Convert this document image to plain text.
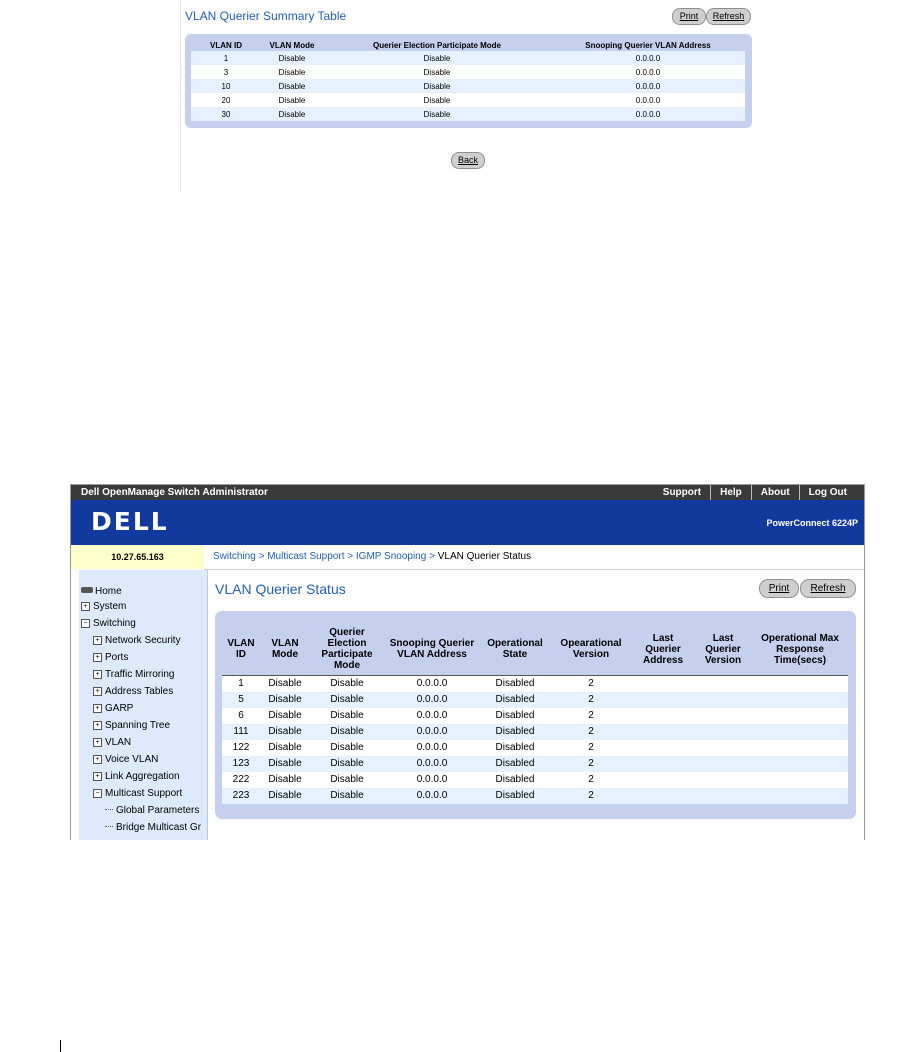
VLAN Querier Summary Table	Print	Refresh
VLAN ID	VLAN Mode	Querier Election Participate Mode	Snooping Querier VLAN Address
1	Disable	Disable	0.0.0.0
3	Disable	Disable	0.0.0.0
10	Disable	Disable	0.0.0.0
20	Disable	Disable	0.0.0.0
30	Disable	Disable	0.0.0.0
Back
Dell OpenManage Switch Administrator	Support	Help	About	Log Out
DELL	PowerConnect 6224P
10.27.65.163	Switching > Multicast Support > IGMP Snooping > VLAN Querier Status
Home
+ System
− Switching
+ Network Security
+ Ports
+ Traffic Mirroring
+ Address Tables
+ GARP
+ Spanning Tree
+ VLAN
+ Voice VLAN
+ Link Aggregation
− Multicast Support
Global Parameters
Bridge Multicast Gr
VLAN Querier Status	Print	Refresh
VLAN ID	VLAN Mode	Querier Election Participate Mode	Snooping Querier VLAN Address	Operational State	Opearational Version	Last Querier Address	Last Querier Version	Operational Max Response Time(secs)
1	Disable	Disable	0.0.0.0	Disabled	2			
5	Disable	Disable	0.0.0.0	Disabled	2			
6	Disable	Disable	0.0.0.0	Disabled	2			
111	Disable	Disable	0.0.0.0	Disabled	2			
122	Disable	Disable	0.0.0.0	Disabled	2			
123	Disable	Disable	0.0.0.0	Disabled	2			
222	Disable	Disable	0.0.0.0	Disabled	2			
223	Disable	Disable	0.0.0.0	Disabled	2			
